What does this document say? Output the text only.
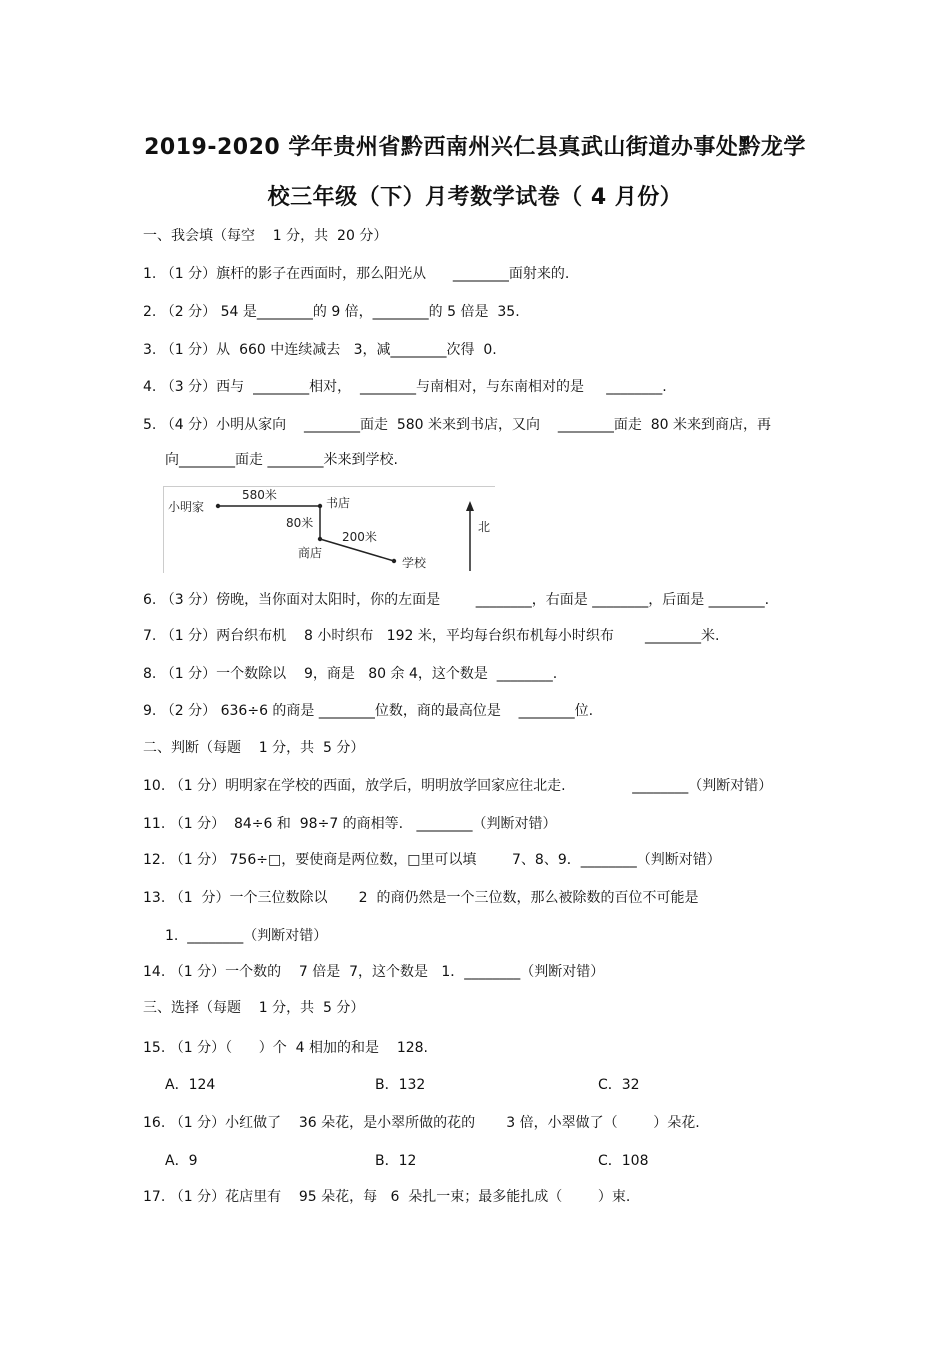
2019-2020 学年贵州省黔西南州兴仁县真武山街道办事处黔龙学
校三年级（下）月考数学试卷（ 4 月份）
一、我会填（每空    1 分，共  20 分）
1. （1 分）旗杆的影子在西面时，那么阳光从      ________面射来的.
2. （2 分） 54 是________的 9 倍，________的 5 倍是  35.
3. （1 分）从  660 中连续减去   3，减________次得  0.
4. （3 分）西与  ________相对，  ________与南相对，与东南相对的是     ________.
5. （4 分）小明从家向    ________面走  580 米来到书店，又向    ________面走  80 米来到商店，再
向________面走 ________米来到学校.
小明家
580米
书店
80米
商店
200米
学校
北
6. （3 分）傍晚，当你面对太阳时，你的左面是        ________，右面是 ________，后面是 ________.
7. （1 分）两台织布机    8 小时织布   192 米，平均每台织布机每小时织布       ________米.
8. （1 分）一个数除以    9，商是   80 余 4，这个数是  ________.
9. （2 分） 636÷6 的商是 ________位数，商的最高位是    ________位.
二、判断（每题    1 分，共  5 分）
10. （1 分）明明家在学校的西面，放学后，明明放学回家应往北走.               ________（判断对错）
11. （1 分）  84÷6 和  98÷7 的商相等.   ________（判断对错）
12. （1 分） 756÷□，要使商是两位数，□里可以填        7、8、9．________（判断对错）
13. （1  分）一个三位数除以       2  的商仍然是一个三位数，那么被除数的百位不可能是
1.  ________（判断对错）
14. （1 分）一个数的    7 倍是  7，这个数是   1．________（判断对错）
三、选择（每题    1 分，共  5 分）
15. （1 分）（      ）个  4 相加的和是    128.
A．124	B．132	C．32
16. （1 分）小红做了    36 朵花，是小翠所做的花的       3 倍，小翠做了（        ）朵花.
A．9	B．12	C．108
17. （1 分）花店里有    95 朵花，每   6  朵扎一束；最多能扎成（        ）束.
